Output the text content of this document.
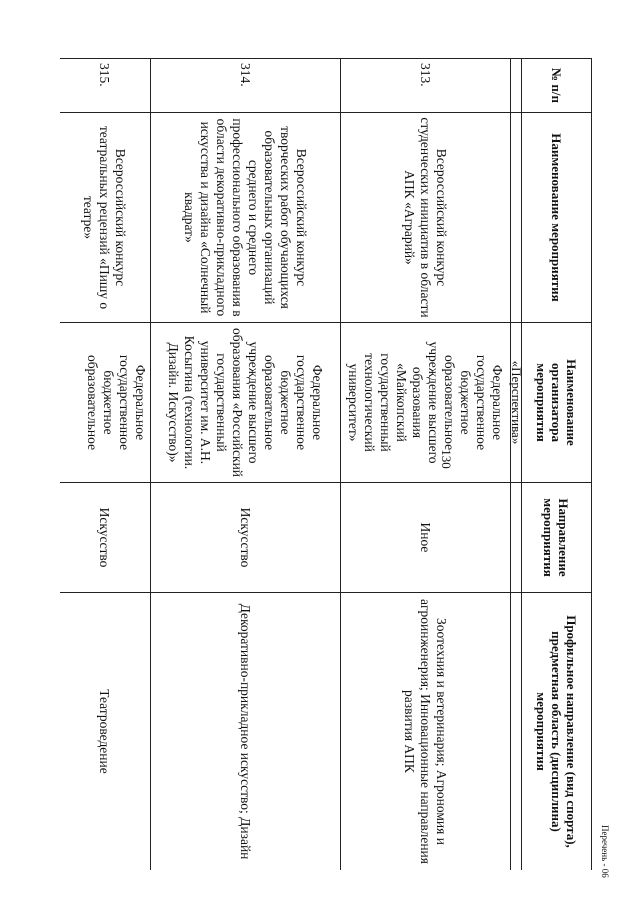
130
№ п/п	Наименование мероприятия	Наименование организатора мероприятия	Направление мероприятия	Профильное направление (вид спорта), предметная область (дисциплина) мероприятия
		«Перспектива»		
313.	Всероссийский конкурс студенческих инициатив в области АПК «Аграрий»	Федеральное государственное бюджетное образовательное учреждение высшего образования «Майкопский государственный технологический университет»	Иное	Зоотехния и ветеринария; Агрономия и агроинженерия; Инновационные направления развития АПК
314.	Всероссийский конкурс творческих работ обучающихся образовательных организаций среднего и среднего профессионального образования в области декоративно-прикладного искусства и дизайна «Солнечный квадрат»	Федеральное государственное бюджетное образовательное учреждение высшего образования «Российский государственный университет им. А.Н. Косыгина (технологии. Дизайн. Искусство)»	Искусство	Декоративно-прикладное искусство; Дизайн
315.	Всероссийский конкурс театральных рецензий «Пишу о театре»	Федеральное государственное бюджетное образовательное	Искусство	Театроведение
Перечень - 06
